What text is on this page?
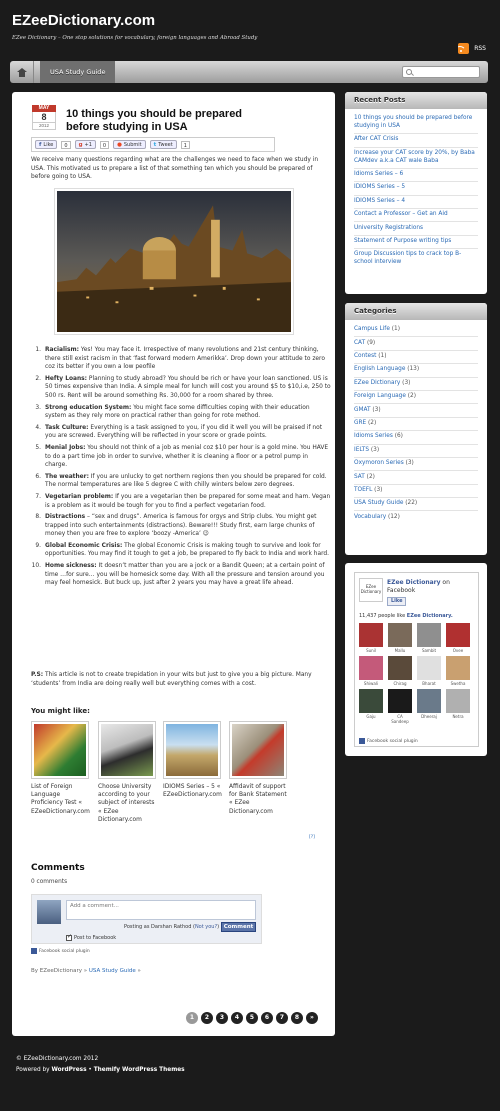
EZeeDictionary.com
EZee Dictionary – One stop solutions for vocabulary, foreign languages and Abroad Study
RSS
USA Study Guide
MAY
8
2012
10 things you should be prepared before studying in USA
f Like	0	g +1	0	● Submit t Tweet	1
We receive many questions regarding what are the challenges we need to face when we study in USA. This motivated us to prepare a list of that something ten which you should be prepared of before going to USA.
1. Racialism: Yes! You may face it. Irrespective of many revolutions and 21st century thinking, there still exist racism in that ‘fast forward modern Amerikka’. Drop down your attitude to zero coz its better if you own a low peofile
2. Hefty Loans: Planning to study abroad? You should be rich or have your loan sanctioned. US is 50 times expensive than India. A simple meal for lunch will cost you around $5 to $10,i.e, 250 to 500 rs. Rent will be around something Rs. 30,000 for a room shared by three.
3. Strong education System: You might face some difficulties coping with their education system as they rely more on practical rather than going for rote method.
4. Task Culture: Everything is a task assigned to you, if you did it well you will be praised if not you are screwed. Everything will be reflected in your score or grade points.
5. Menial Jobs: You should not think of a job as menial coz $10 per hour is a gold mine. You HAVE to do a part time job in order to survive, whether it is cleaning a floor or a petrol pump in charge.
6. The weather: If you are unlucky to get northern regions then you should be prepared for cold. The normal temperatures are like 5 degree C with chilly winters below zero degrees.
7. Vegetarian problem: If you are a vegetarian then be prepared for some meat and ham. Vegan is a problem as it would be tough for you to find a perfect vegetarian food.
8. Distractions – “sex and drugs”. America is famous for orgys and Strip clubs. You might get trapped into such entertainments (distractions). Beware!!! Study first, earn large chunks of money then you are free to explore ‘boozy -America’ 😉
9. Global Economic Crisis: The global Economic Crisis is making tough to survive and look for opportunities. You may find it tough to get a job, be prepared to fly back to India and work hard.
10. Home sickness: It doesn’t matter than you are a jock or a Bandit Queen; at a certain point of time …for sure… you will be homesick some day. With all the pressure and tension around you may feel homesick. But buck up, just after 2 years you may have a great life ahead.
P.S: This article is not to create trepidation in your wits but just to give you a big picture. Many ‘students’ from India are doing really well but everything comes with a cost.
You might like:
List of Foreign Language Proficiency Test « EZeeDictionary.com
Choose University according to your subject of interests « EZee Dictionary.com
IDIOMS Series – 5 « EZeeDictionary.com
Affidavit of support for Bank Statement « EZee Dictionary.com
[?]
Comments
0 comments
Add a comment...
Posting as Darshan Rathod (Not you?) Comment
✓
Post to Facebook
Facebook social plugin
By EZeeDictionary » USA Study Guide »
1	2	3	4	5	6	7	8	»
Recent Posts
10 things you should be prepared before studying in USA
After CAT Crisis
Increase your CAT score by 20%, by Baba CAMdev a.k.a CAT wale Baba
Idioms Series – 6
IDIOMS Series – 5
IDIOMS Series – 4
Contact a Professor – Get an Aid
University Registrations
Statement of Purpose writing tips
Group Discussion tips to crack top B-school interview
Categories
Campus Life (1)
CAT (9)
Contest (1)
English Language (13)
EZee Dictionary (3)
Foreign Language (2)
GMAT (3)
GRE (2)
Idioms Series (6)
IELTS (3)
Oxymoron Series (3)
SAT (2)
TOEFL (3)
USA Study Guide (22)
Vocabulary (12)
EZee Dictionary
EZee Dictionary on Facebook
Like
11,437 people like EZee Dictionary.
Sunil	Mallu	Sambit	Ovee
Shiwali	Chirag	Bharat	Swetha
Gaju	CA Sandeep
Dheeraj	Netra
Facebook social plugin
© EZeeDictionary.com 2012
Powered by WordPress • Themify WordPress Themes
